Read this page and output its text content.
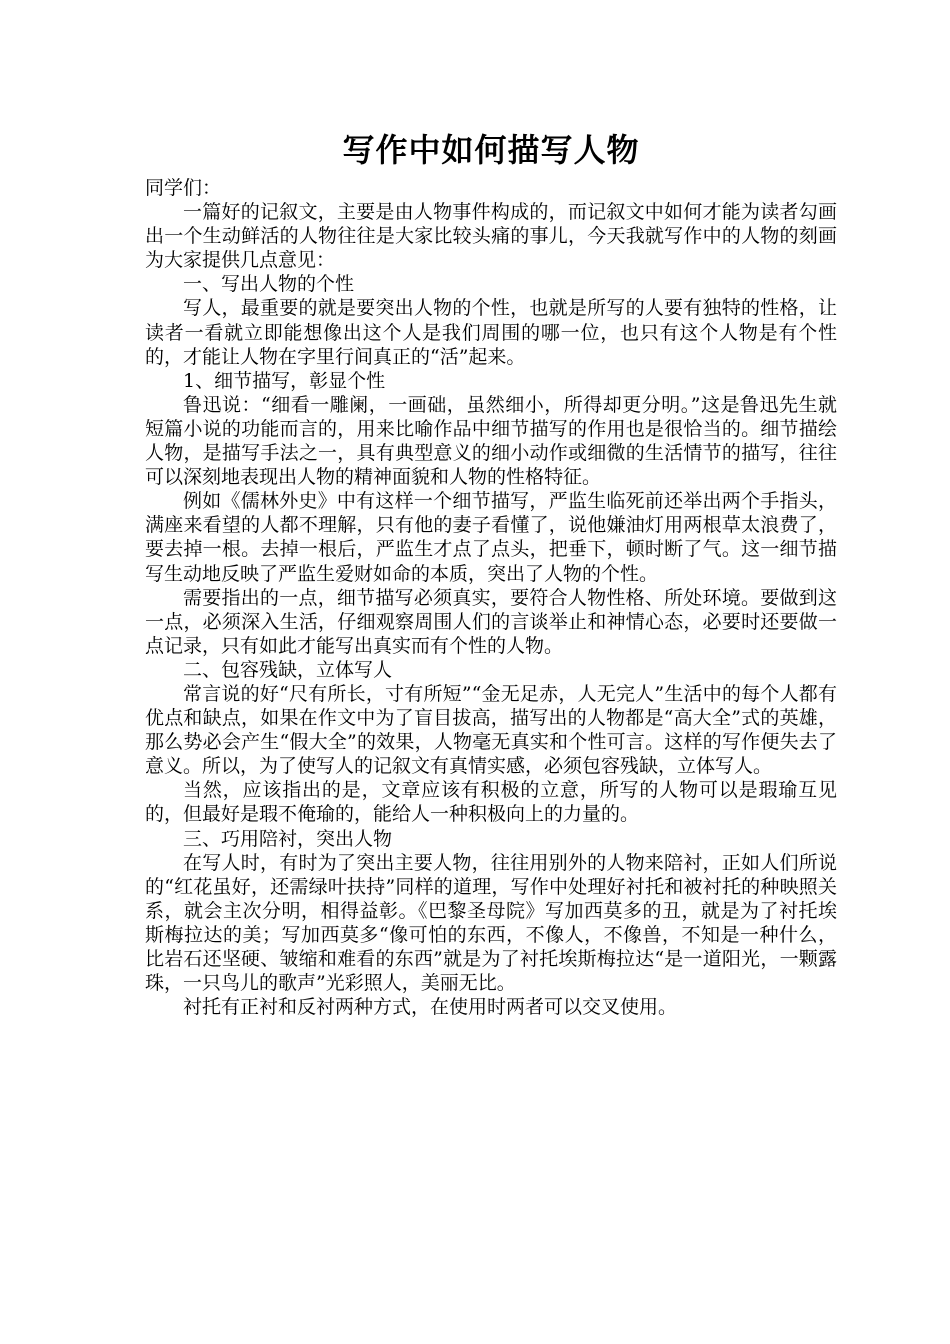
写作中如何描写人物

同学们：

一篇好的记叙文，主要是由人物事件构成的，而记叙文中如何才能为读者勾画出一个生动鲜活的人物往往是大家比较头痛的事儿，今天我就写作中的人物的刻画为大家提供几点意见：

一、写出人物的个性

写人，最重要的就是要突出人物的个性，也就是所写的人要有独特的性格，让读者一看就立即能想像出这个人是我们周围的哪一位，也只有这个人物是有个性的，才能让人物在字里行间真正的“活”起来。

1、细节描写，彰显个性

鲁迅说：“细看一雕阑，一画础，虽然细小，所得却更分明。”这是鲁迅先生就短篇小说的功能而言的，用来比喻作品中细节描写的作用也是很恰当的。细节描绘人物，是描写手法之一，具有典型意义的细小动作或细微的生活情节的描写，往往可以深刻地表现出人物的精神面貌和人物的性格特征。

例如《儒林外史》中有这样一个细节描写，严监生临死前还举出两个手指头，满座来看望的人都不理解，只有他的妻子看懂了，说他嫌油灯用两根草太浪费了，要去掉一根。去掉一根后，严监生才点了点头，把垂下，顿时断了气。这一细节描写生动地反映了严监生爱财如命的本质，突出了人物的个性。

需要指出的一点，细节描写必须真实，要符合人物性格、所处环境。要做到这一点，必须深入生活，仔细观察周围人们的言谈举止和神情心态，必要时还要做一点记录，只有如此才能写出真实而有个性的人物。

二、包容残缺，立体写人

常言说的好“尺有所长，寸有所短”“金无足赤，人无完人”生活中的每个人都有优点和缺点，如果在作文中为了盲目拔高，描写出的人物都是“高大全”式的英雄，那么势必会产生“假大全”的效果，人物毫无真实和个性可言。这样的写作便失去了意义。所以，为了使写人的记叙文有真情实感，必须包容残缺，立体写人。

当然，应该指出的是，文章应该有积极的立意，所写的人物可以是瑕瑜互见的，但最好是瑕不俺瑜的，能给人一种积极向上的力量的。

三、巧用陪衬，突出人物

在写人时，有时为了突出主要人物，往往用别外的人物来陪衬，正如人们所说的“红花虽好，还需绿叶扶持”同样的道理，写作中处理好衬托和被衬托的种映照关系，就会主次分明，相得益彰。《巴黎圣母院》写加西莫多的丑，就是为了衬托埃斯梅拉达的美；写加西莫多“像可怕的东西，不像人，不像兽，不知是一种什么，比岩石还坚硬、皱缩和难看的东西”就是为了衬托埃斯梅拉达“是一道阳光，一颗露珠，一只鸟儿的歌声”光彩照人，美丽无比。

衬托有正衬和反衬两种方式，在使用时两者可以交叉使用。
